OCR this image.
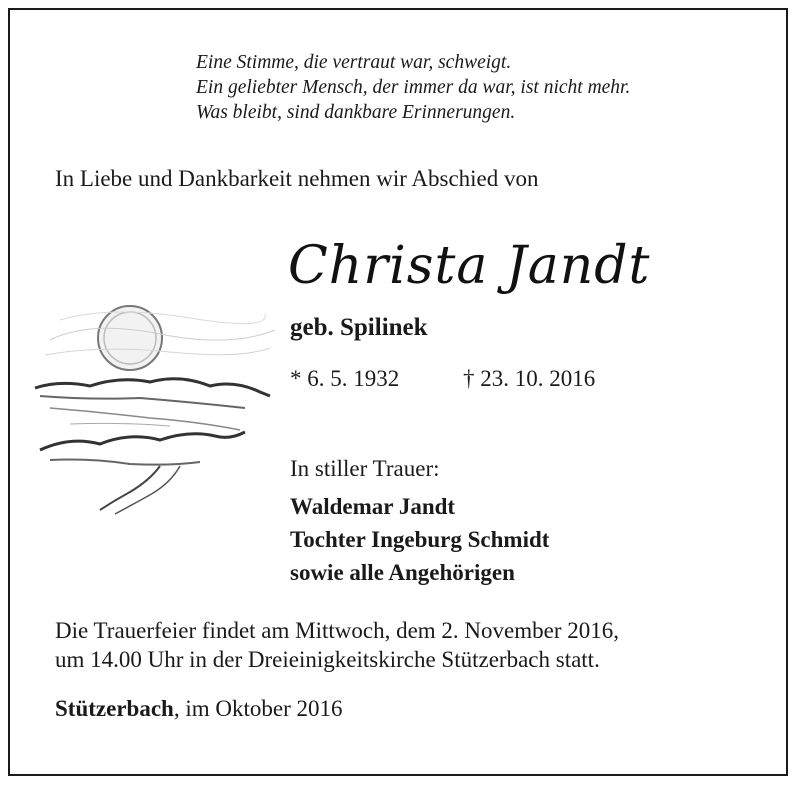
Eine Stimme, die vertraut war, schweigt.
Ein geliebter Mensch, der immer da war, ist nicht mehr.
Was bleibt, sind dankbare Erinnerungen.
In Liebe und Dankbarkeit nehmen wir Abschied von
Christa Jandt
geb. Spilinek
* 6. 5. 1932	† 23. 10. 2016
In stiller Trauer:
Waldemar Jandt
Tochter Ingeburg Schmidt
sowie alle Angehörigen
Die Trauerfeier findet am Mittwoch, dem 2. November 2016,
um 14.00 Uhr in der Dreieinigkeitskirche Stützerbach statt.
Stützerbach, im Oktober 2016
